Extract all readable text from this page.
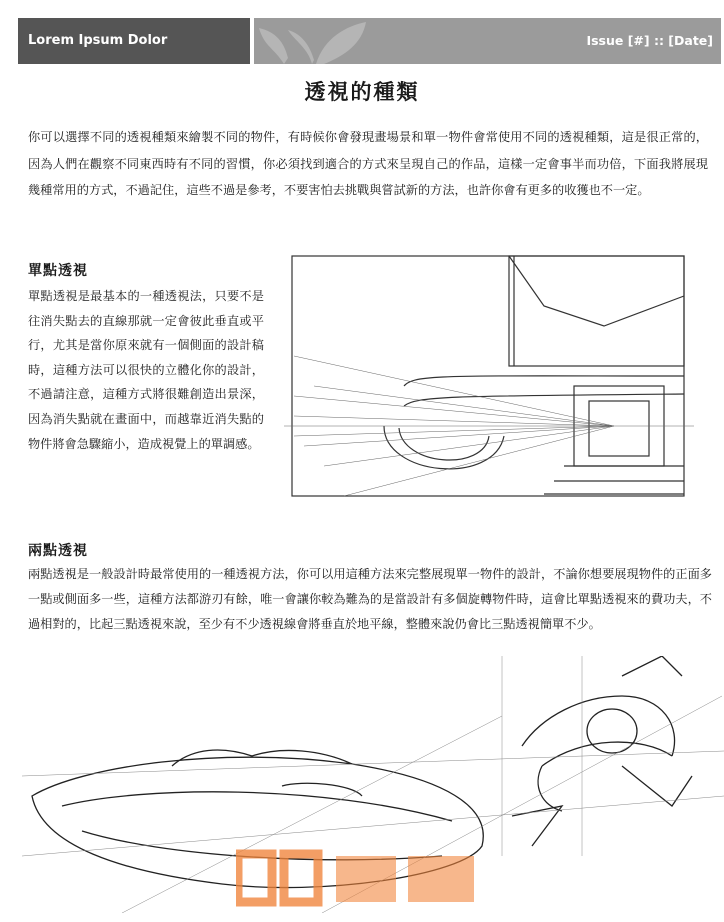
Lorem Ipsum Dolor	Issue [#] :: [Date]
透視的種類

你可以選擇不同的透視種類來繪製不同的物件，有時候你會發現畫場景和單一物件會常使用不同的透視種類，這是很正常的，因為人們在觀察不同東西時有不同的習慣，你必須找到適合的方式來呈現自己的作品，這樣一定會事半而功倍，下面我將展現幾種常用的方式，不過記住，這些不過是參考，不要害怕去挑戰與嘗試新的方法，也許你會有更多的收獲也不一定。

單點透視

單點透視是最基本的一種透視法，只要不是往消失點去的直線那就一定會彼此垂直或平行，尤其是當你原來就有一個側面的設計稿時，這種方法可以很快的立體化你的設計，不過請注意，這種方式將很難創造出景深，因為消失點就在畫面中，而越靠近消失點的物件將會急驟縮小，造成視覺上的單調感。

兩點透視

兩點透視是一般設計時最常使用的一種透視方法，你可以用這種方法來完整展現單一物件的設計，不論你想要展現物件的正面多一點或側面多一些，這種方法都游刃有餘，唯一會讓你較為難為的是當設計有多個旋轉物件時，這會比單點透視來的費功夫，不過相對的，比起三點透視來說，至少有不少透視線會將垂直於地平線，整體來說仍會比三點透視簡單不少。
